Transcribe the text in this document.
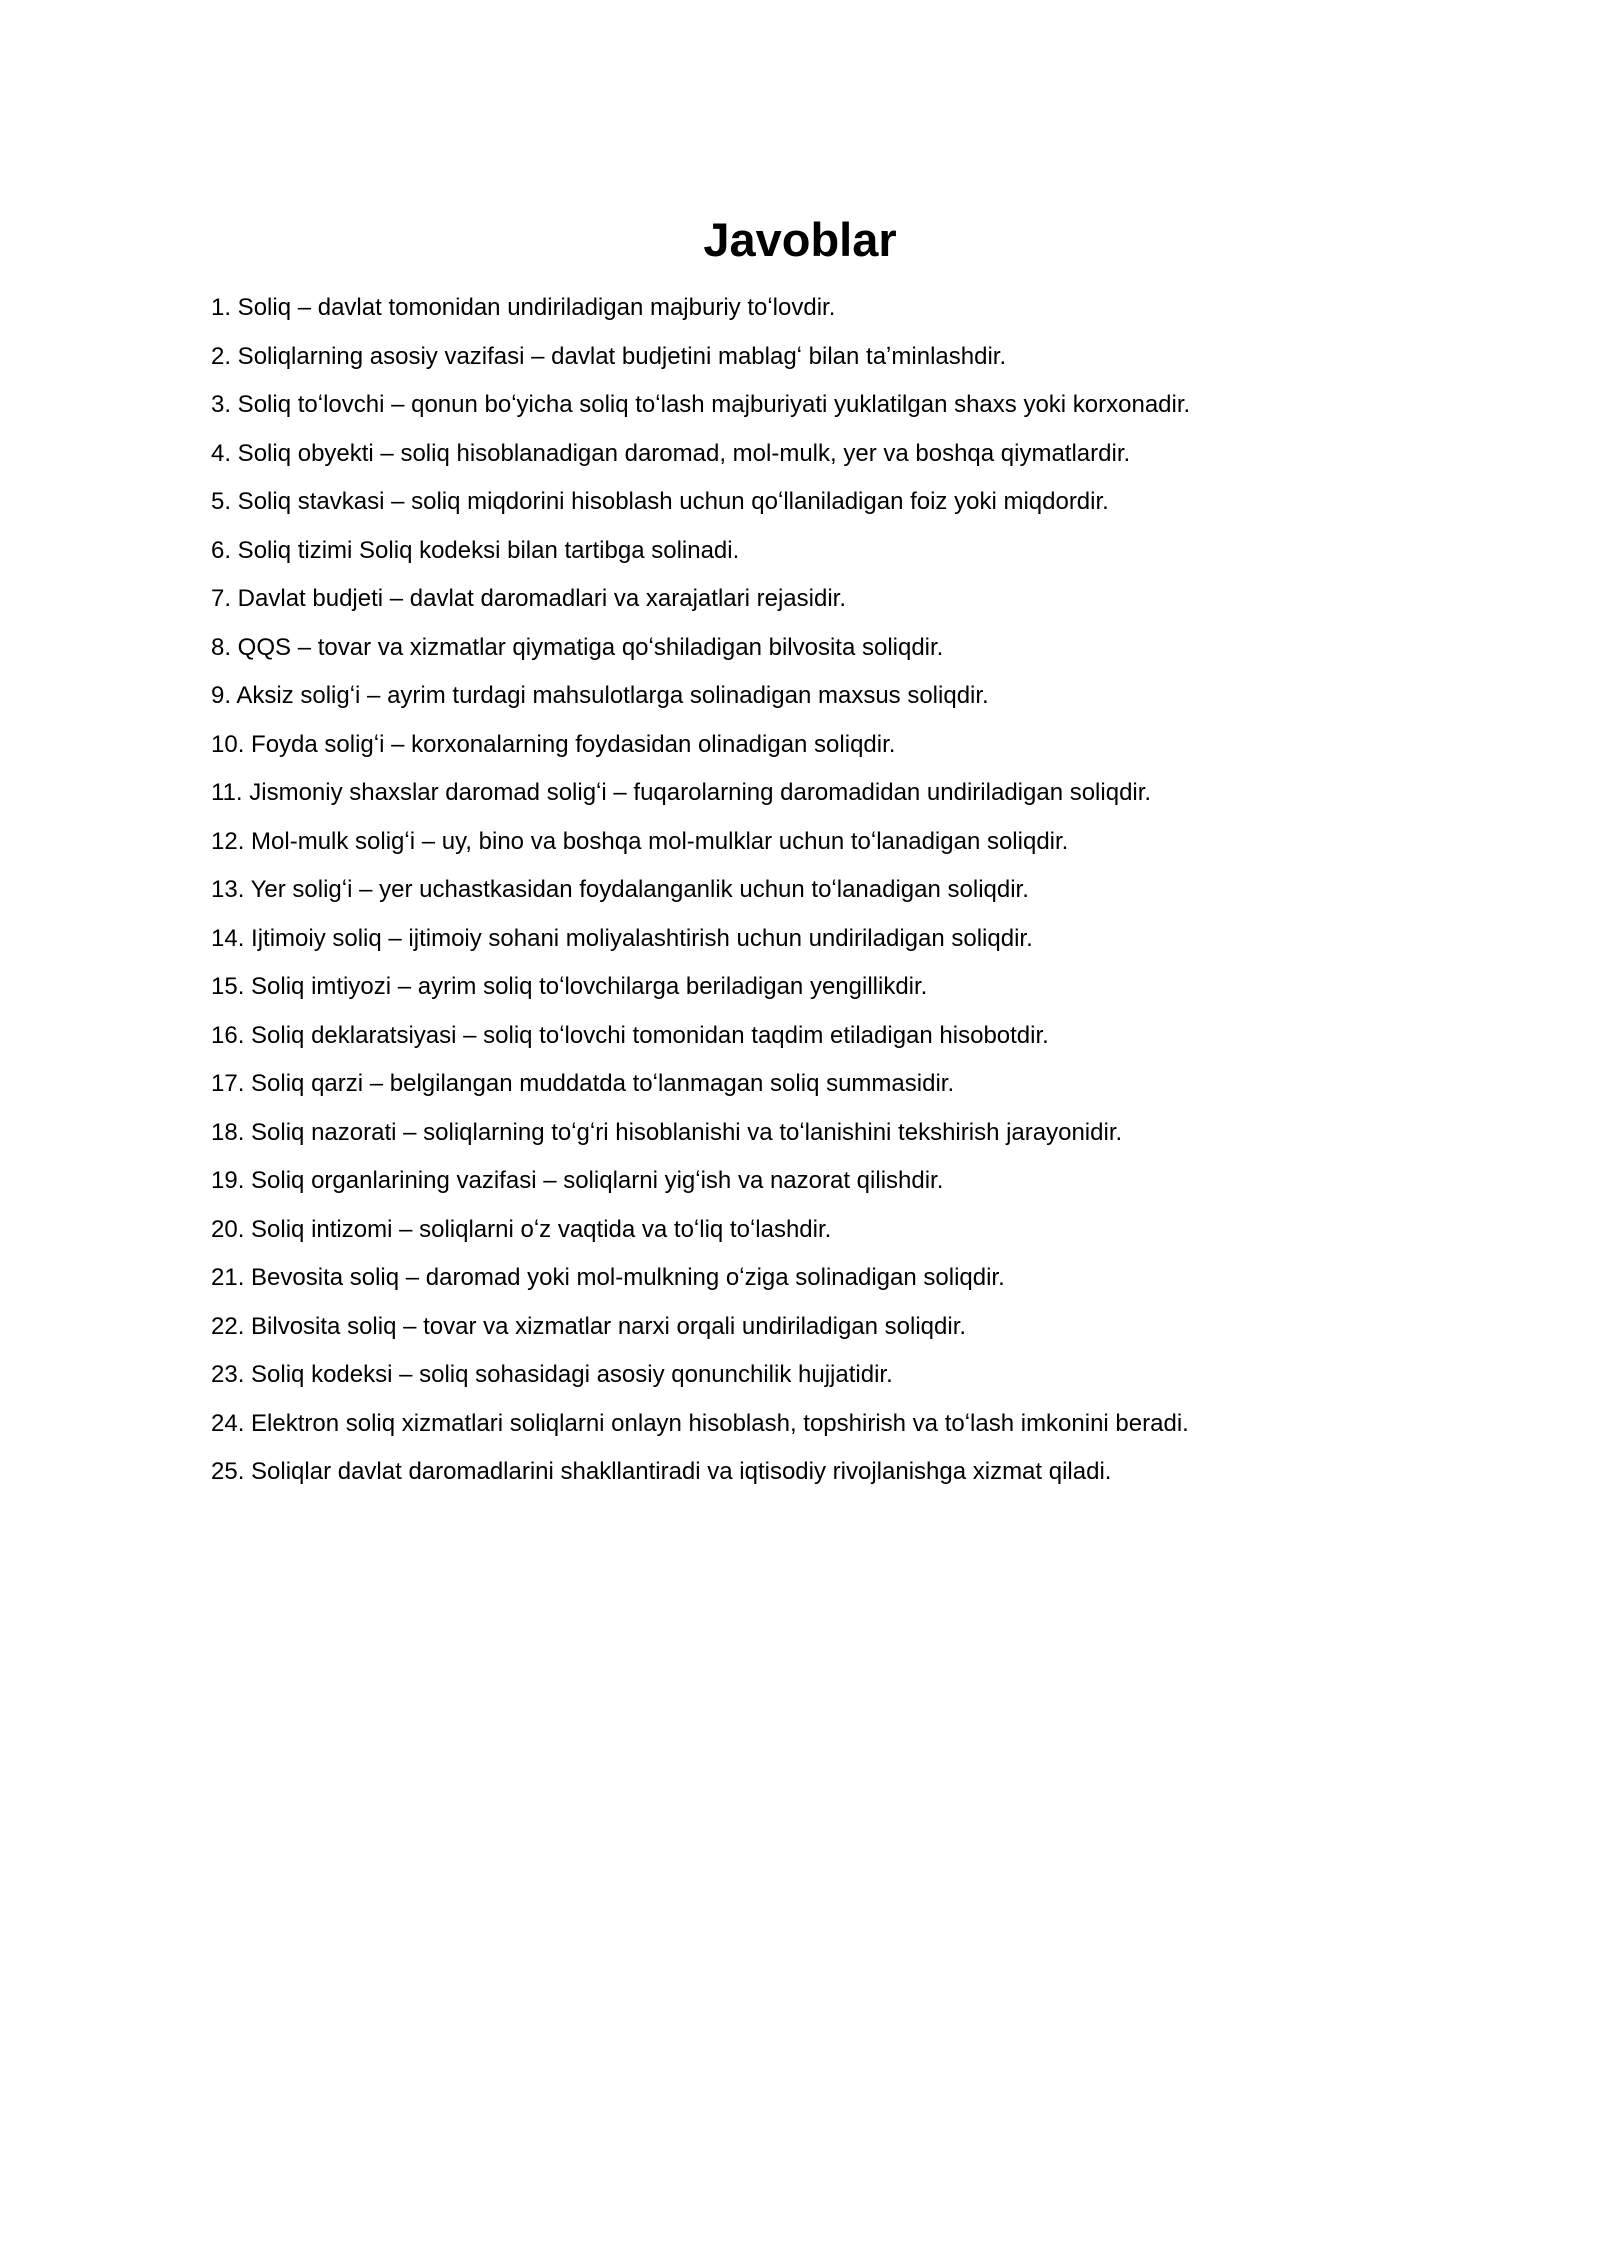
Javoblar
1. Soliq – davlat tomonidan undiriladigan majburiy toʻlovdir.
2. Soliqlarning asosiy vazifasi – davlat budjetini mablagʻ bilan taʼminlashdir.
3. Soliq toʻlovchi – qonun boʻyicha soliq toʻlash majburiyati yuklatilgan shaxs yoki korxonadir.
4. Soliq obyekti – soliq hisoblanadigan daromad, mol-mulk, yer va boshqa qiymatlardir.
5. Soliq stavkasi – soliq miqdorini hisoblash uchun qoʻllaniladigan foiz yoki miqdordir.
6. Soliq tizimi Soliq kodeksi bilan tartibga solinadi.
7. Davlat budjeti – davlat daromadlari va xarajatlari rejasidir.
8. QQS – tovar va xizmatlar qiymatiga qoʻshiladigan bilvosita soliqdir.
9. Aksiz soligʻi – ayrim turdagi mahsulotlarga solinadigan maxsus soliqdir.
10. Foyda soligʻi – korxonalarning foydasidan olinadigan soliqdir.
11. Jismoniy shaxslar daromad soligʻi – fuqarolarning daromadidan undiriladigan soliqdir.
12. Mol-mulk soligʻi – uy, bino va boshqa mol-mulklar uchun toʻlanadigan soliqdir.
13. Yer soligʻi – yer uchastkasidan foydalanganlik uchun toʻlanadigan soliqdir.
14. Ijtimoiy soliq – ijtimoiy sohani moliyalashtirish uchun undiriladigan soliqdir.
15. Soliq imtiyozi – ayrim soliq toʻlovchilarga beriladigan yengillikdir.
16. Soliq deklaratsiyasi – soliq toʻlovchi tomonidan taqdim etiladigan hisobotdir.
17. Soliq qarzi – belgilangan muddatda toʻlanmagan soliq summasidir.
18. Soliq nazorati – soliqlarning toʻgʻri hisoblanishi va toʻlanishini tekshirish jarayonidir.
19. Soliq organlarining vazifasi – soliqlarni yigʻish va nazorat qilishdir.
20. Soliq intizomi – soliqlarni oʻz vaqtida va toʻliq toʻlashdir.
21. Bevosita soliq – daromad yoki mol-mulkning oʻziga solinadigan soliqdir.
22. Bilvosita soliq – tovar va xizmatlar narxi orqali undiriladigan soliqdir.
23. Soliq kodeksi – soliq sohasidagi asosiy qonunchilik hujjatidir.
24. Elektron soliq xizmatlari soliqlarni onlayn hisoblash, topshirish va toʻlash imkonini beradi.
25. Soliqlar davlat daromadlarini shakllantiradi va iqtisodiy rivojlanishga xizmat qiladi.
